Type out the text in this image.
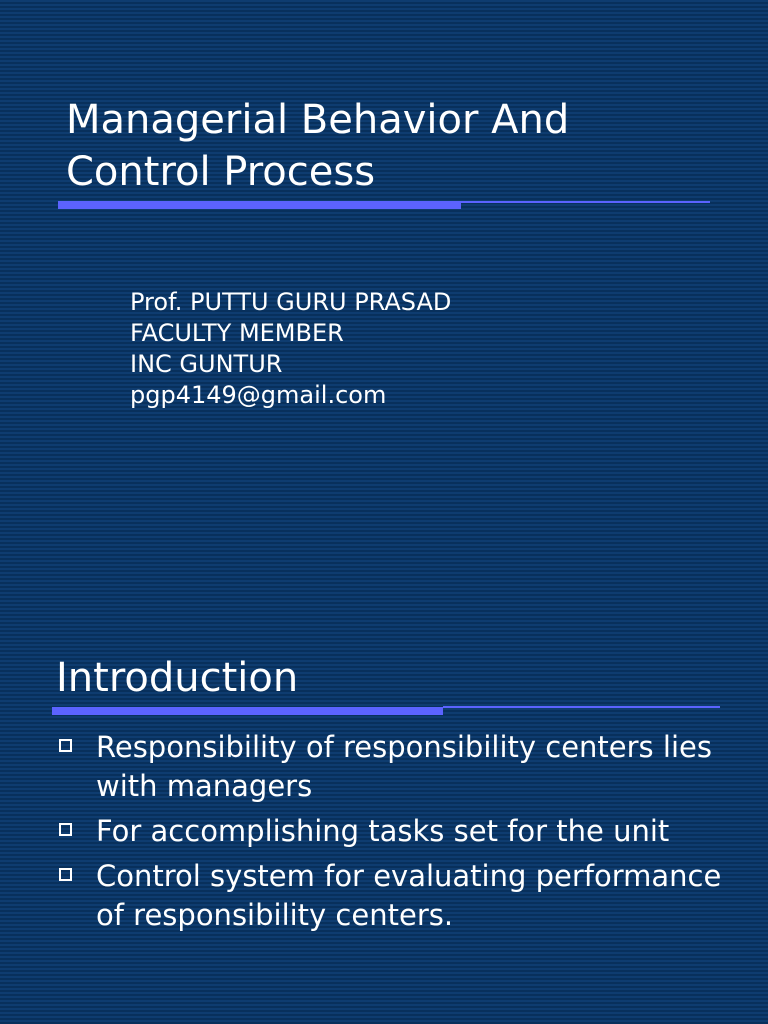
Managerial Behavior And
Control Process
Prof. PUTTU GURU PRASAD
FACULTY MEMBER
INC GUNTUR
pgp4149@gmail.com
Introduction
Responsibility of responsibility centers lies with managers
For accomplishing tasks set for the unit
Control system for evaluating performance of responsibility centers.
